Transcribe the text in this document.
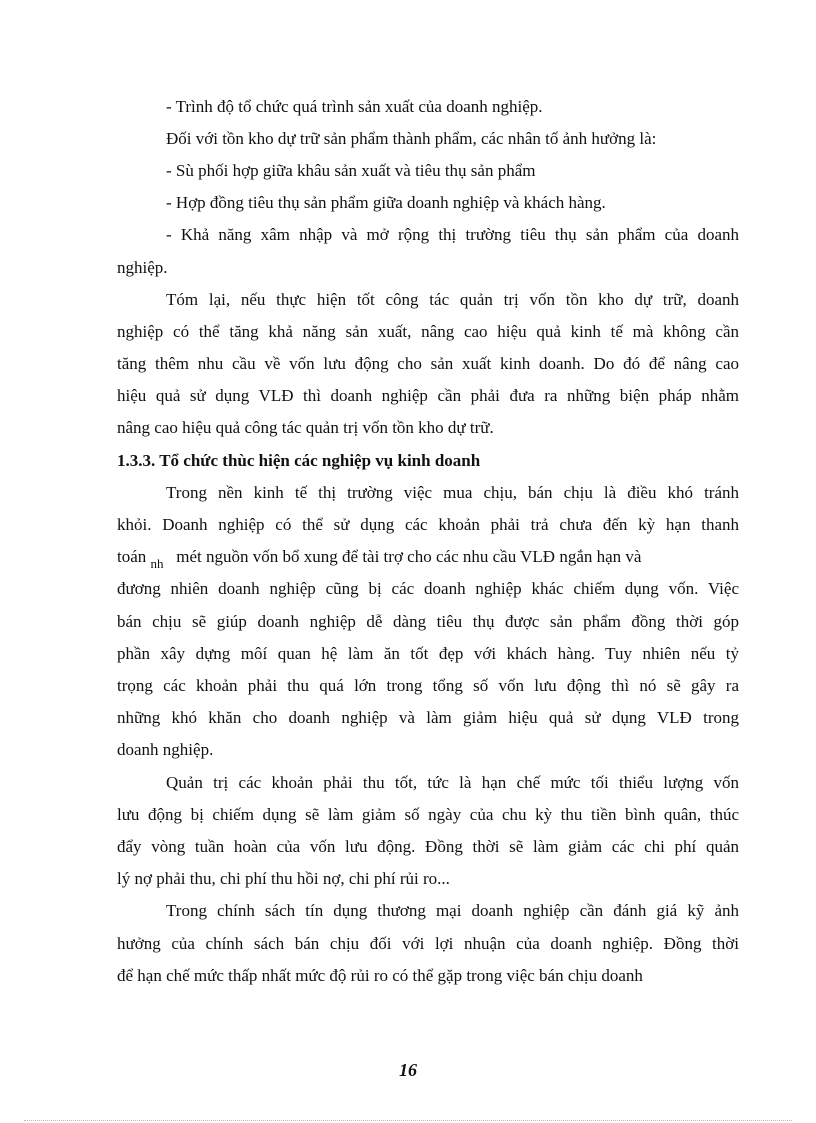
- Trình độ tổ chức quá trình sản xuất của doanh nghiệp.
Đối với tồn kho dự trữ sản phẩm thành phẩm, các nhân tố ảnh hưởng là:
- Sù phối hợp giữa khâu sản xuất và tiêu thụ sản phẩm
- Hợp đồng tiêu thụ sản phẩm giữa doanh nghiệp và khách hàng.
- Khả năng xâm nhập và mở rộng thị trường tiêu thụ sản phẩm của doanh
nghiệp.
Tóm lại, nếu thực hiện tốt công tác quản trị vốn tồn kho dự trữ, doanh
nghiệp có thể tăng khả năng sản xuất, nâng cao hiệu quả kinh tế mà không cần
tăng thêm nhu cầu về vốn lưu động cho sản xuất kinh doanh. Do đó để nâng cao
hiệu quả sử dụng VLĐ thì doanh nghiệp cần phải đưa ra những biện pháp nhằm
nâng cao hiệu quả công tác quản trị vốn tồn kho dự trữ.
1.3.3. Tổ chức thùc hiện các nghiệp vụ kinh doanh
Trong nền kinh tế thị trường việc mua chịu, bán chịu là điều khó tránh
khỏi. Doanh nghiệp có thể sử dụng các khoản phải trả chưa đến kỳ hạn thanh
toán $_{nh}$ mét nguồn vốn bổ xung để tài trợ cho các nhu cầu VLĐ ngắn hạn và
đương nhiên doanh nghiệp cũng bị các doanh nghiệp khác chiếm dụng vốn. Việc
bán chịu sẽ giúp doanh nghiệp dễ dàng tiêu thụ được sản phẩm đồng thời góp
phần xây dựng môí quan hệ làm ăn tốt đẹp với khách hàng. Tuy nhiên nếu tỷ
trọng các khoản phải thu quá lớn trong tổng số vốn lưu động thì nó sẽ gây ra
những khó khăn cho doanh nghiệp và làm giảm hiệu quả sử dụng VLĐ trong
doanh nghiệp.
Quản trị các khoản phải thu tốt, tức là hạn chế mức tối thiểu lượng vốn
lưu động bị chiếm dụng sẽ làm giảm số ngày của chu kỳ thu tiền bình quân, thúc
đẩy vòng tuần hoàn của vốn lưu động. Đồng thời sẽ làm giảm các chi phí quản
lý nợ phải thu, chi phí thu hồi nợ, chi phí rủi ro...
Trong chính sách tín dụng thương mại doanh nghiệp cần đánh giá kỹ ảnh
hưởng của chính sách bán chịu đối với lợi nhuận của doanh nghiệp. Đồng thời
để hạn chế mức thấp nhất mức độ rủi ro có thể gặp trong việc bán chịu doanh
16
